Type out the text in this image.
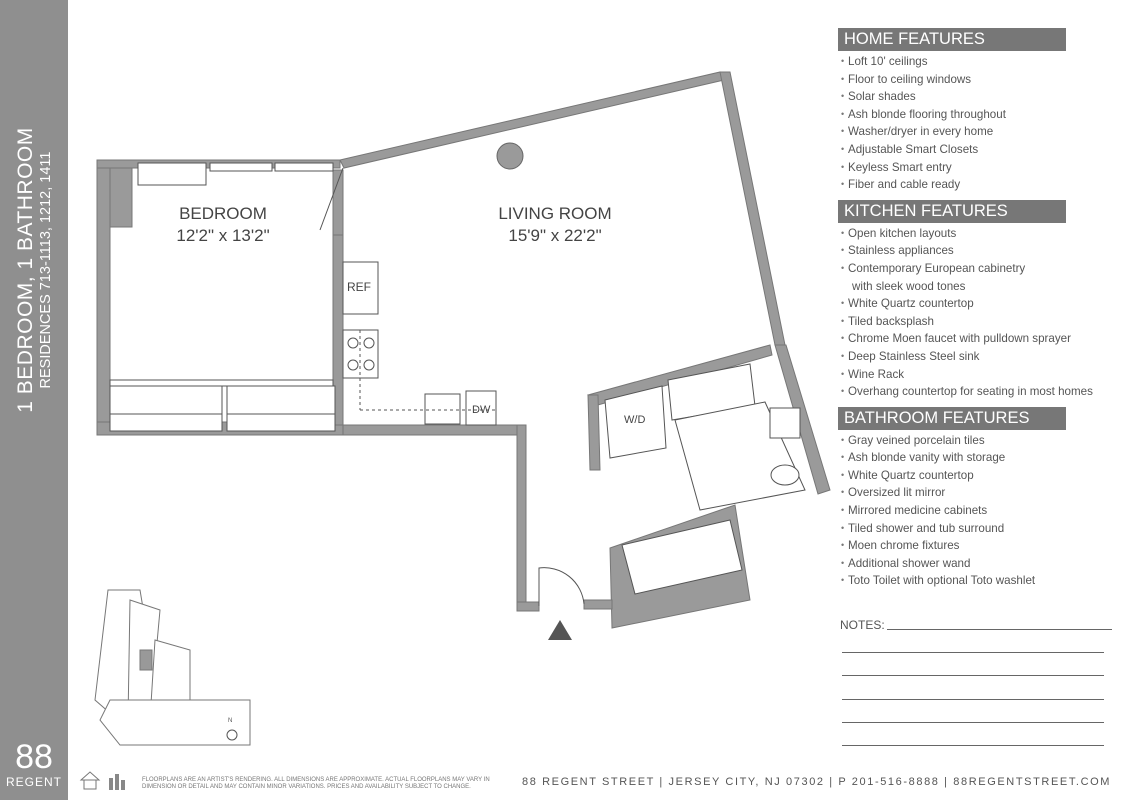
1 BEDROOM, 1 BATHROOM RESIDENCES 713-1113, 1212, 1411
88
REGENT
N
BEDROOM
12'2" x 13'2"
LIVING ROOM
15'9" x 22'2"
REF
W/D
DW
HOME FEATURES
• Loft 10' ceilings
• Floor to ceiling windows
• Solar shades
• Ash blonde flooring throughout
• Washer/dryer in every home
• Adjustable Smart Closets
• Keyless Smart entry
• Fiber and cable ready
KITCHEN FEATURES
• Open kitchen layouts
• Stainless appliances
• Contemporary European cabinetry
with sleek wood tones
• White Quartz countertop
• Tiled backsplash
• Chrome Moen faucet with pulldown sprayer
• Deep Stainless Steel sink
• Wine Rack
• Overhang countertop for seating in most homes
BATHROOM FEATURES
• Gray veined porcelain tiles
• Ash blonde vanity with storage
• White Quartz countertop
• Oversized lit mirror
• Mirrored medicine cabinets
• Tiled shower and tub surround
• Moen chrome fixtures
• Additional shower wand
• Toto Toilet with optional Toto washlet
NOTES:
FLOORPLANS ARE AN ARTIST'S RENDERING. ALL DIMENSIONS ARE APPROXIMATE. ACTUAL FLOORPLANS MAY VARY IN DIMENSION OR DETAIL AND MAY CONTAIN MINOR VARIATIONS. PRICES AND AVAILABILITY SUBJECT TO CHANGE.	88 REGENT STREET | JERSEY CITY, NJ 07302 | P 201-516-8888 | 88REGENTSTREET.COM
